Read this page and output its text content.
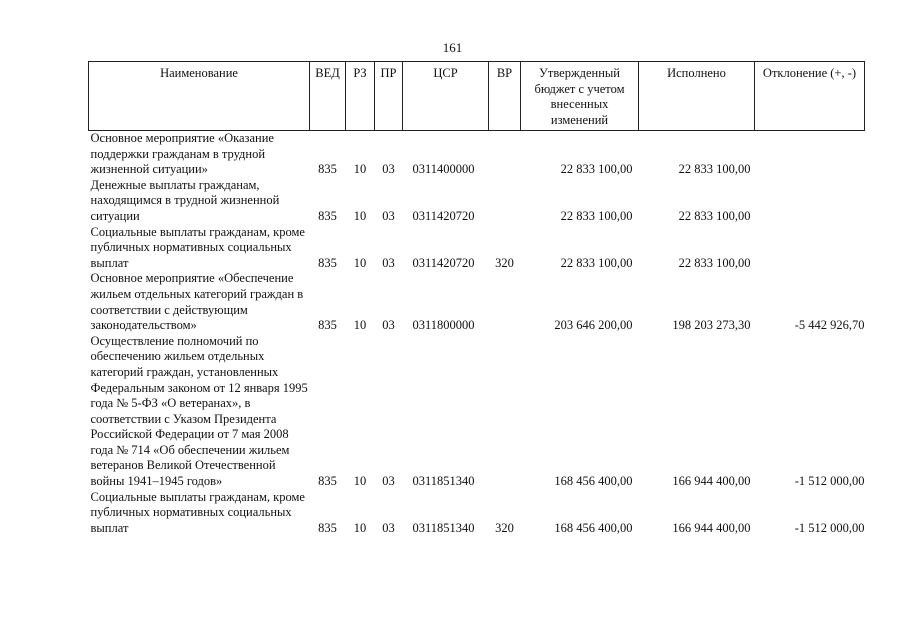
161
Наименование	ВЕД	РЗ	ПР	ЦСР	ВР	Утвержденный бюджет с учетом внесенных изменений	Исполнено	Отклонение (+, -)

Основное мероприятие «Оказание поддержки гражданам в трудной жизненной ситуации»	835	10	03	0311400000		22 833 100,00	22 833 100,00	

Денежные выплаты гражданам, находящимся в трудной жизненной ситуации	835	10	03	0311420720		22 833 100,00	22 833 100,00	

Социальные выплаты гражданам, кроме публичных нормативных социальных выплат	835	10	03	0311420720	320	22 833 100,00	22 833 100,00	

Основное мероприятие «Обеспечение жильем отдельных категорий граждан в соответствии с действующим законодательством»	835	10	03	0311800000		203 646 200,00	198 203 273,30	-5 442 926,70

Осуществление полномочий по обеспечению жильем отдельных категорий граждан, установленных Федеральным законом от 12 января 1995 года № 5-ФЗ «О ветеранах», в соответствии с Указом Президента Российской Федерации от 7 мая 2008 года № 714 «Об обеспечении жильем ветеранов Великой Отечественной войны 1941–1945 годов»	835	10	03	0311851340		168 456 400,00	166 944 400,00	-1 512 000,00

Социальные выплаты гражданам, кроме публичных нормативных социальных выплат	835	10	03	0311851340	320	168 456 400,00	166 944 400,00	-1 512 000,00
